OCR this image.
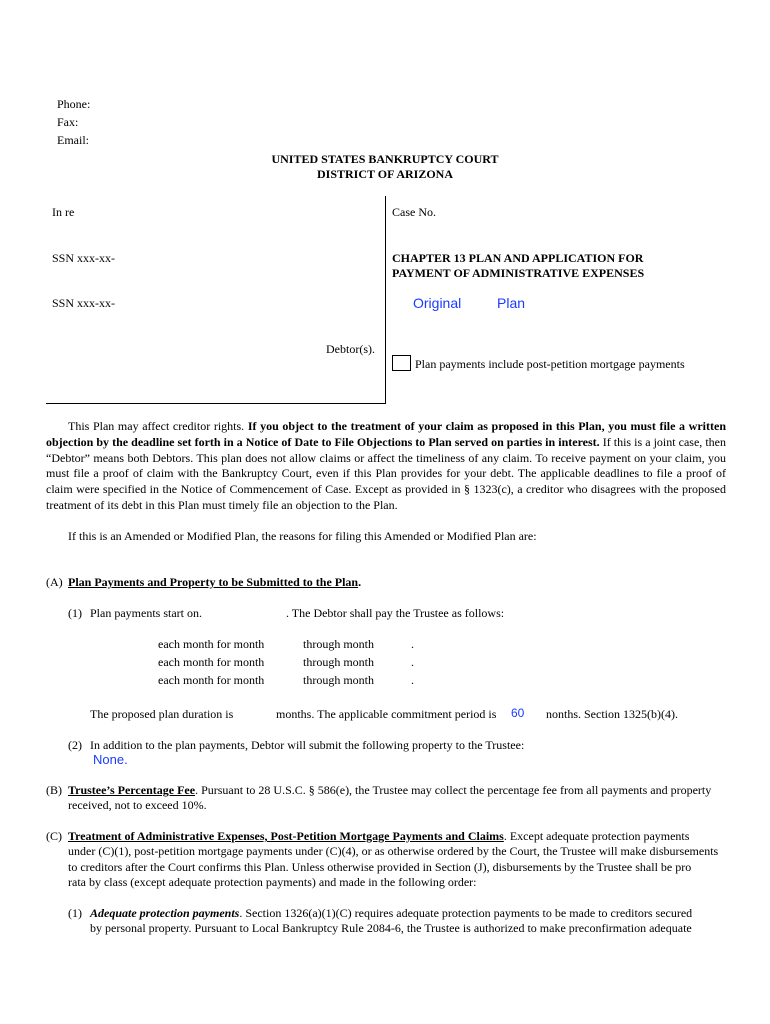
Phone:
Fax:
Email:
UNITED STATES BANKRUPTCY COURT
DISTRICT OF ARIZONA
In re
SSN xxx-xx-
SSN xxx-xx-
Debtor(s).
Case No.
CHAPTER 13 PLAN AND APPLICATION FOR
PAYMENT OF ADMINISTRATIVE EXPENSES
Original	Plan
Plan payments include post-petition mortgage payments
This Plan may affect creditor rights. If you object to the treatment of your claim as proposed in this Plan, you must file a written objection by the deadline set forth in a Notice of Date to File Objections to Plan served on parties in interest. If this is a joint case, then “Debtor” means both Debtors. This plan does not allow claims or affect the timeliness of any claim. To receive payment on your claim, you must file a proof of claim with the Bankruptcy Court, even if this Plan provides for your debt. The applicable deadlines to file a proof of claim were specified in the Notice of Commencement of Case. Except as provided in § 1323(c), a creditor who disagrees with the proposed treatment of its debt in this Plan must timely file an objection to the Plan.
If this is an Amended or Modified Plan, the reasons for filing this Amended or Modified Plan are:
(A) Plan Payments and Property to be Submitted to the Plan.
(1) Plan payments start on.	. The Debtor shall pay the Trustee as follows:
each month for month	through month	.
each month for month	through month	.
each month for month	through month	.
The proposed plan duration is	months. The applicable commitment period is 60 nonths. Section 1325(b)(4).
(2) In addition to the plan payments, Debtor will submit the following property to the Trustee:
None.
(B) Trustee’s Percentage Fee. Pursuant to 28 U.S.C. § 586(e), the Trustee may collect the percentage fee from all payments and property
received, not to exceed 10%.
(C) Treatment of Administrative Expenses, Post-Petition Mortgage Payments and Claims. Except adequate protection payments
under (C)(1), post-petition mortgage payments under (C)(4), or as otherwise ordered by the Court, the Trustee will make disbursements
to creditors after the Court confirms this Plan. Unless otherwise provided in Section (J), disbursements by the Trustee shall be pro
rata by class (except adequate protection payments) and made in the following order:
(1) Adequate protection payments. Section 1326(a)(1)(C) requires adequate protection payments to be made to creditors secured
by personal property. Pursuant to Local Bankruptcy Rule 2084-6, the Trustee is authorized to make preconfirmation adequate
